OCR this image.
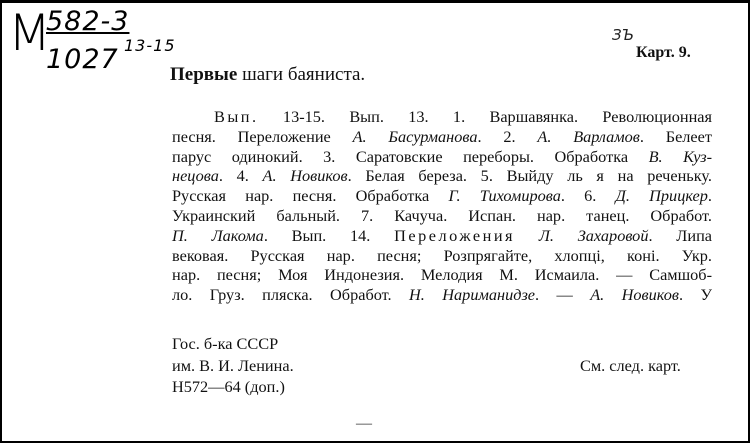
M
582-3
1027 13-15
ЗЪ
Карт. 9.
Первые шаги баяниста.
Вып. 13-15. Вып. 13. 1. Варшавянка. Революционная
песня. Переложение А. Басурманова. 2. А. Варламов. Белеет
парус одинокий. 3. Саратовские переборы. Обработка В. Куз-
нецова. 4. А. Новиков. Белая береза. 5. Выйду ль я на реченьку.
Русская нар. песня. Обработка Г. Тихомирова. 6. Д. Прицкер.
Украинский бальный. 7. Качуча. Испан. нар. танец. Обработ.
П. Лакома. Вып. 14. Переложения Л. Захаровой. Липа
вековая. Русская нар. песня; Розпрягайте, хлопці, коні. Укр.
нар. песня; Моя Индонезия. Мелодия М. Исмаила. — Самшоб-
ло. Груз. пляска. Обработ. Н. Нариманидзе. — А. Новиков. У
Гос. б-ка СССР
им. В. И. Ленина.
Н572—64 (доп.)
См. след. карт.
—
